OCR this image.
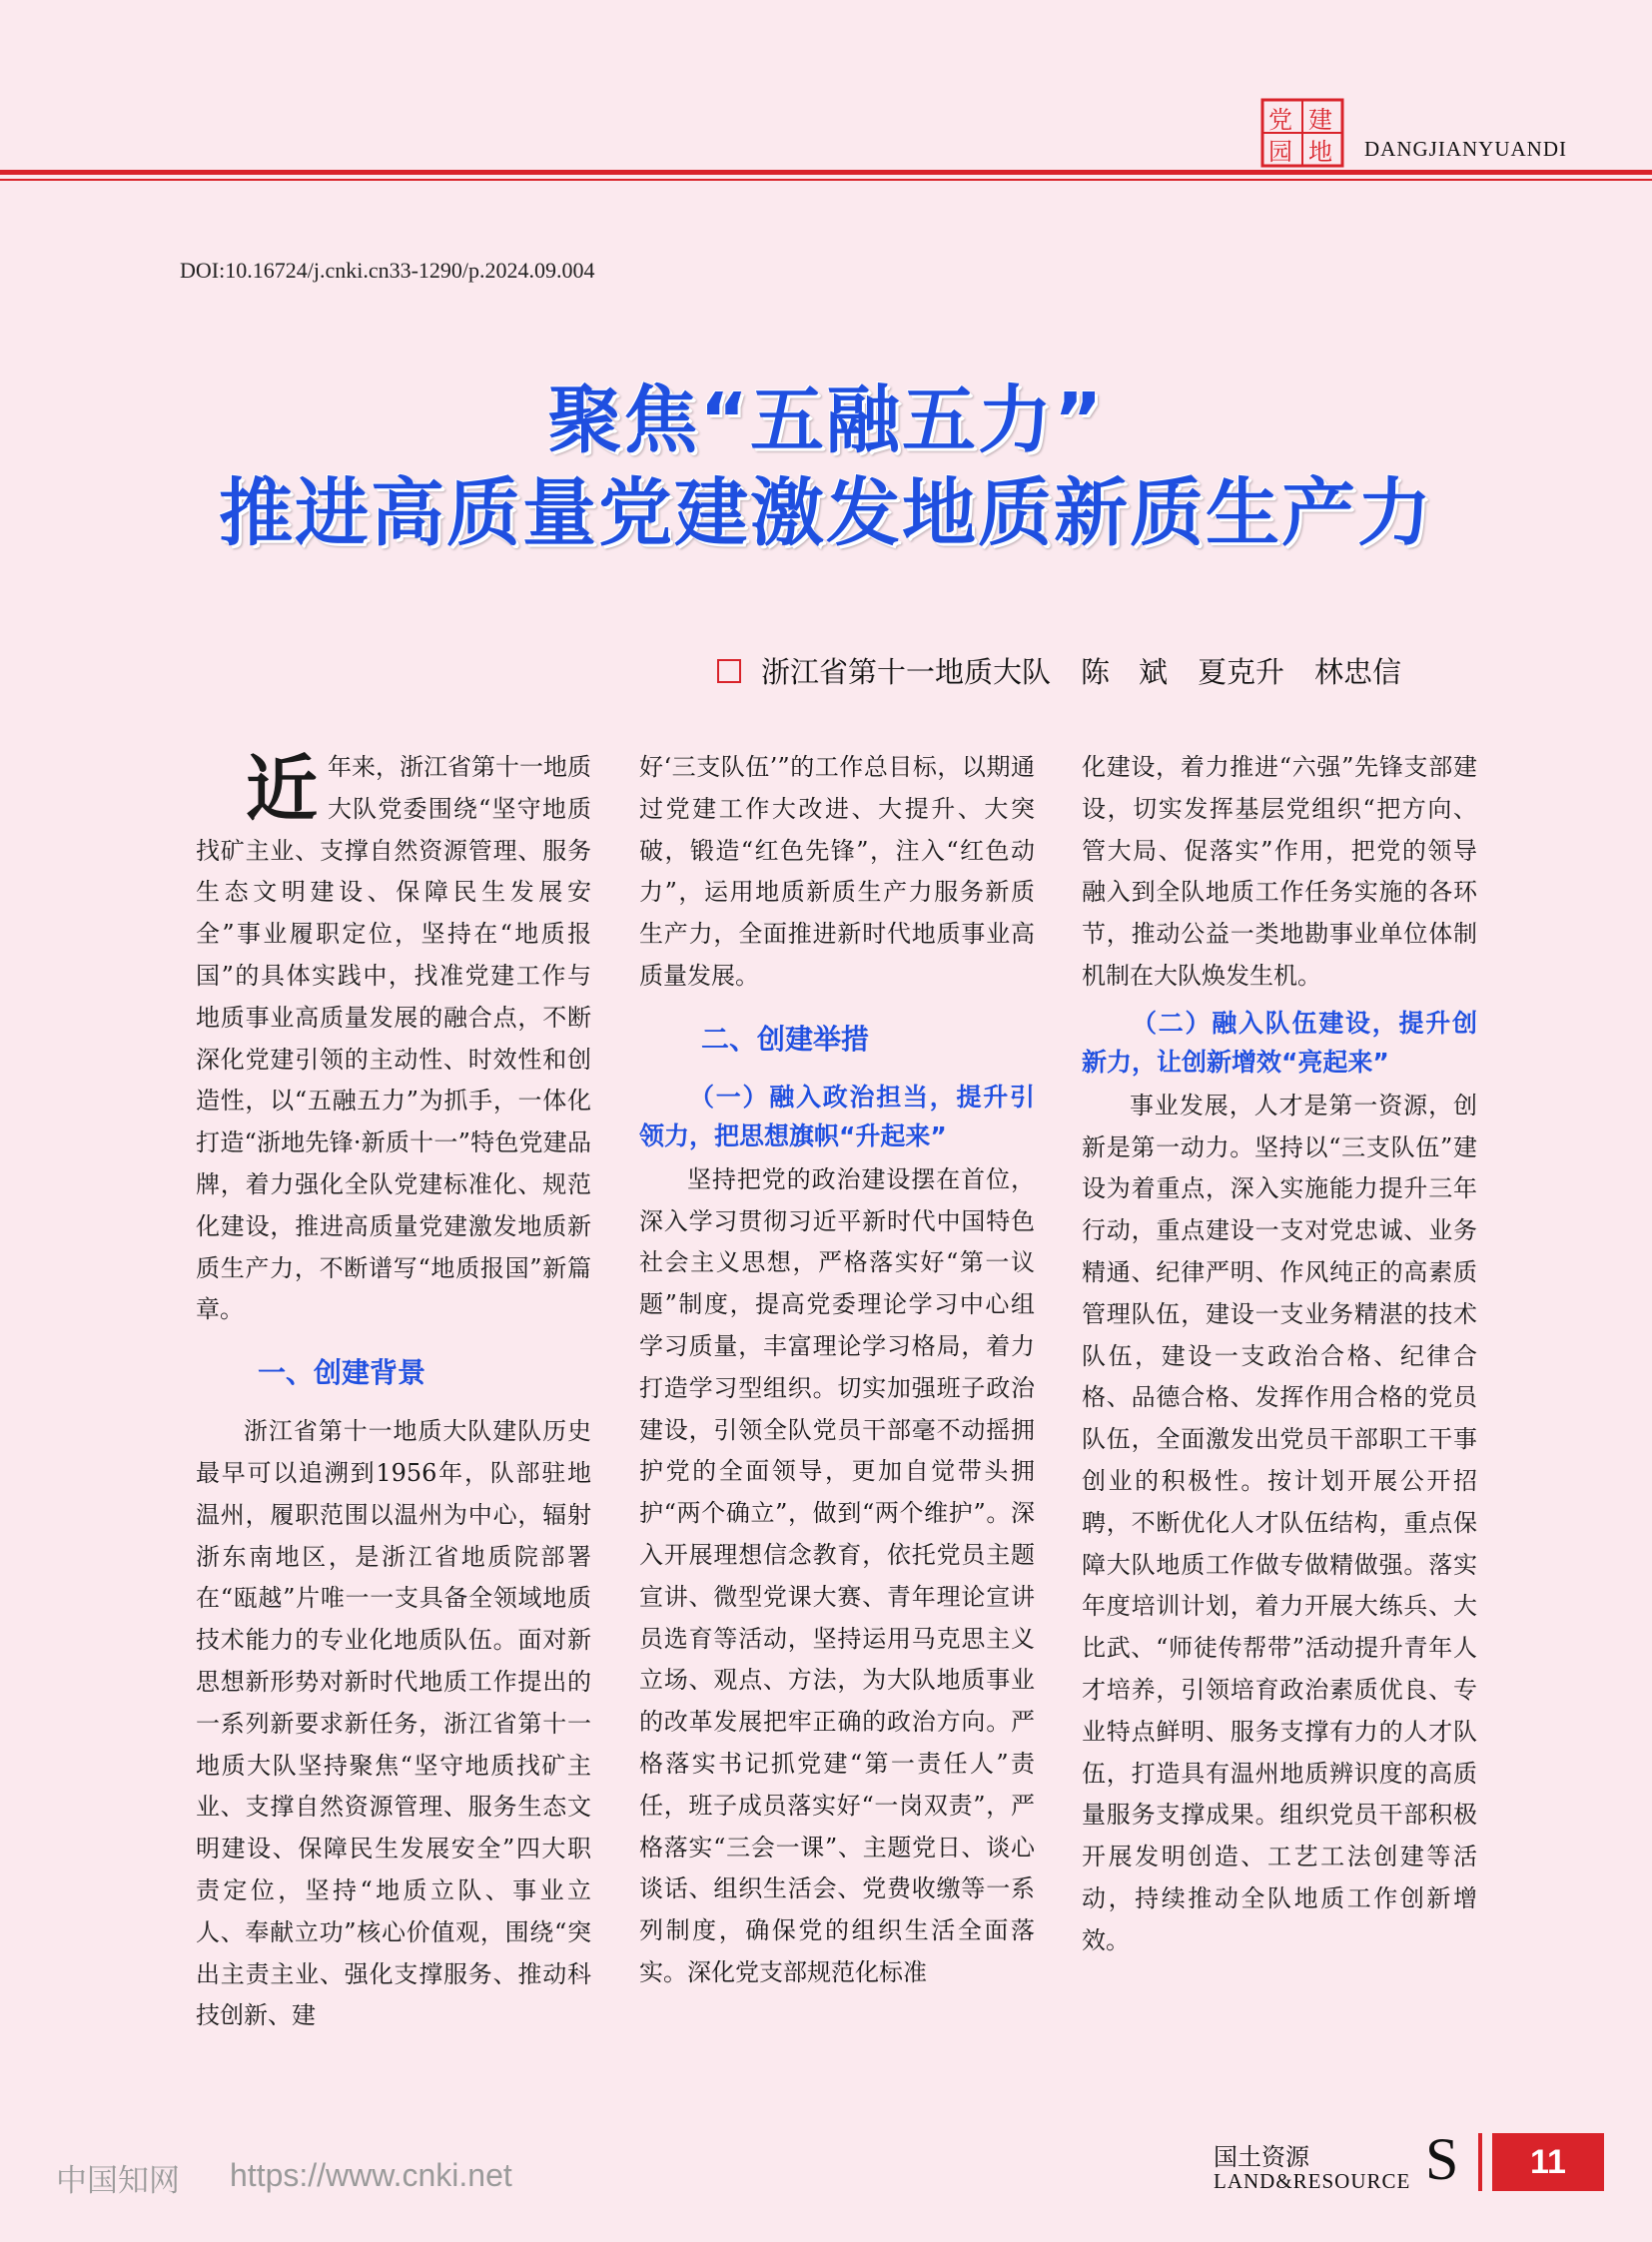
党 建
园 地 DANGJIANYUANDI
DOI:10.16724/j.cnki.cn33-1290/p.2024.09.004
聚焦“五融五力”
推进高质量党建激发地质新质生产力
浙江省第十一地质大队 陈　斌 夏克升 林忠信

近年来，浙江省第十一地质大队党委围绕“坚守地质找矿主业、支撑自然资源管理、服务生态文明建设、保障民生发展安全”事业履职定位，坚持在“地质报国”的具体实践中，找准党建工作与地质事业高质量发展的融合点，不断深化党建引领的主动性、时效性和创造性，以“五融五力”为抓手，一体化打造“浙地先锋·新质十一”特色党建品牌，着力强化全队党建标准化、规范化建设，推进高质量党建激发地质新质生产力，不断谱写“地质报国”新篇章。

一、创建背景

浙江省第十一地质大队建队历史最早可以追溯到1956年，队部驻地温州，履职范围以温州为中心，辐射浙东南地区，是浙江省地质院部署在“瓯越”片唯一一支具备全领域地质技术能力的专业化地质队伍。面对新思想新形势对新时代地质工作提出的一系列新要求新任务，浙江省第十一地质大队坚持聚焦“坚守地质找矿主业、支撑自然资源管理、服务生态文明建设、保障民生发展安全”四大职责定位，坚持“地质立队、事业立人、奉献立功”核心价值观，围绕“突出主责主业、强化支撑服务、推动科技创新、建

好‘三支队伍’”的工作总目标，以期通过党建工作大改进、大提升、大突破，锻造“红色先锋”，注入“红色动力”，运用地质新质生产力服务新质生产力，全面推进新时代地质事业高质量发展。

二、创建举措
（一）融入政治担当，提升引领力，把思想旗帜“升起来”

坚持把党的政治建设摆在首位，深入学习贯彻习近平新时代中国特色社会主义思想，严格落实好“第一议题”制度，提高党委理论学习中心组学习质量，丰富理论学习格局，着力打造学习型组织。切实加强班子政治建设，引领全队党员干部毫不动摇拥护党的全面领导，更加自觉带头拥护“两个确立”，做到“两个维护”。深入开展理想信念教育，依托党员主题宣讲、微型党课大赛、青年理论宣讲员选育等活动，坚持运用马克思主义立场、观点、方法，为大队地质事业的改革发展把牢正确的政治方向。严格落实书记抓党建“第一责任人”责任，班子成员落实好“一岗双责”，严格落实“三会一课”、主题党日、谈心谈话、组织生活会、党费收缴等一系列制度，确保党的组织生活全面落实。深化党支部规范化标准

化建设，着力推进“六强”先锋支部建设，切实发挥基层党组织“把方向、管大局、促落实”作用，把党的领导融入到全队地质工作任务实施的各环节，推动公益一类地勘事业单位体制机制在大队焕发生机。

（二）融入队伍建设，提升创新力，让创新增效“亮起来”

事业发展，人才是第一资源，创新是第一动力。坚持以“三支队伍”建设为着重点，深入实施能力提升三年行动，重点建设一支对党忠诚、业务精通、纪律严明、作风纯正的高素质管理队伍，建设一支业务精湛的技术队伍，建设一支政治合格、纪律合格、品德合格、发挥作用合格的党员队伍，全面激发出党员干部职工干事创业的积极性。按计划开展公开招聘，不断优化人才队伍结构，重点保障大队地质工作做专做精做强。落实年度培训计划，着力开展大练兵、大比武、“师徒传帮带”活动提升青年人才培养，引领培育政治素质优良、专业特点鲜明、服务支撑有力的人才队伍，打造具有温州地质辨识度的高质量服务支撑成果。组织党员干部积极开展发明创造、工艺工法创建等活动，持续推动全队地质工作创新增效。

中国知网 https://www.cnki.net	国土资源
LAND&RESOURCE S	11
